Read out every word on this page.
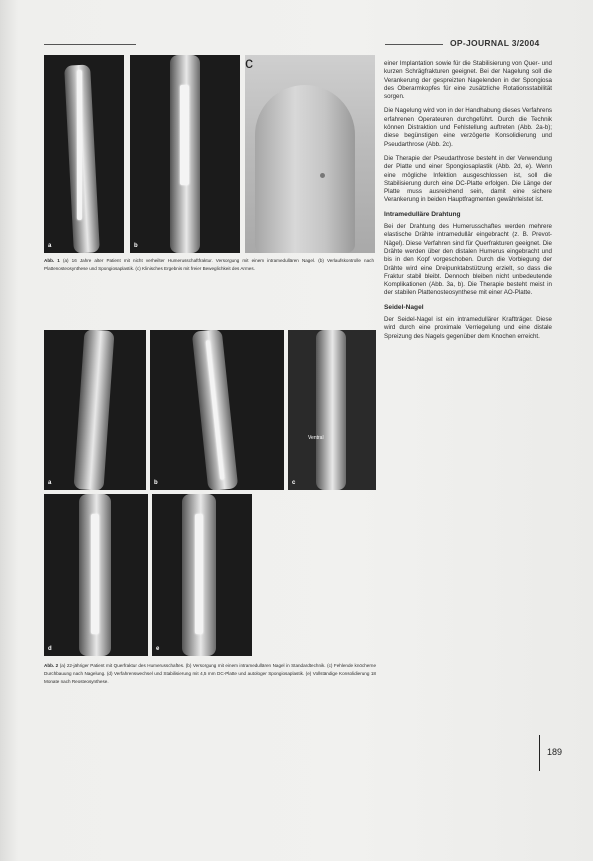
OP-JOURNAL 3/2004
a	b
c
Abb. 1 (a) 16 Jahre alter Patient mit nicht verheilter Humerusschaftfraktur. Versorgung mit einem intramedullären Nagel. (b) Verlaufskontrolle nach Plattenosteosynthese und Spongiosaplastik. (c) Klinisches Ergebnis mit freier Beweglichkeit des Armes.
a	b
Ventral
c
d	e
Abb. 2 (a) 22-jähriger Patient mit Querfraktur des Humerusschaftes. (b) Versorgung mit einem intramedullären Nagel in Standardtechnik. (c) Fehlende knöcherne Durchbauung nach Nagelung. (d) Verfahrenswechsel und Stabilisierung mit 4,5 mm DC-Platte und autologer Spongiosaplastik. (e) Vollständige Konsolidierung 18 Monate nach Reosteosynthese.

einer Implantation sowie für die Stabilisierung von Quer- und kurzen Schrägfrakturen geeignet. Bei der Nagelung soll die Verankerung der gespreizten Nagelenden in der Spongiosa des Oberarmkopfes für eine zusätzliche Rotationsstabilität sorgen.

Die Nagelung wird von in der Handhabung dieses Verfahrens erfahrenen Operateuren durchgeführt. Durch die Technik können Distraktion und Fehlstellung auftreten (Abb. 2a-b); diese begünstigen eine verzögerte Konsolidierung und Pseudarthrose (Abb. 2c).

Die Therapie der Pseudarthrose besteht in der Verwendung der Platte und einer Spongiosaplastik (Abb. 2d, e). Wenn eine mögliche Infektion ausgeschlossen ist, soll die Stabilisierung durch eine DC-Platte erfolgen. Die Länge der Platte muss ausreichend sein, damit eine sichere Verankerung in beiden Hauptfragmenten gewährleistet ist.

Intramedulläre Drahtung

Bei der Drahtung des Humerusschaftes werden mehrere elastische Drähte intramedullär eingebracht (z. B. Prevot-Nägel). Diese Verfahren sind für Querfrakturen geeignet. Die Drähte werden über den distalen Humerus eingebracht und bis in den Kopf vorgeschoben. Durch die Vorbiegung der Drähte wird eine Dreipunktabstützung erzielt, so dass die Fraktur stabil bleibt. Dennoch bleiben nicht unbedeutende Komplikationen (Abb. 3a, b). Die Therapie besteht meist in der stabilen Plattenosteosynthese mit einer AO-Platte.

Seidel-Nagel

Der Seidel-Nagel ist ein intramedullärer Kraftträger. Diese wird durch eine proximale Verriegelung und eine distale Spreizung des Nagels gegenüber dem Knochen erreicht.

189
